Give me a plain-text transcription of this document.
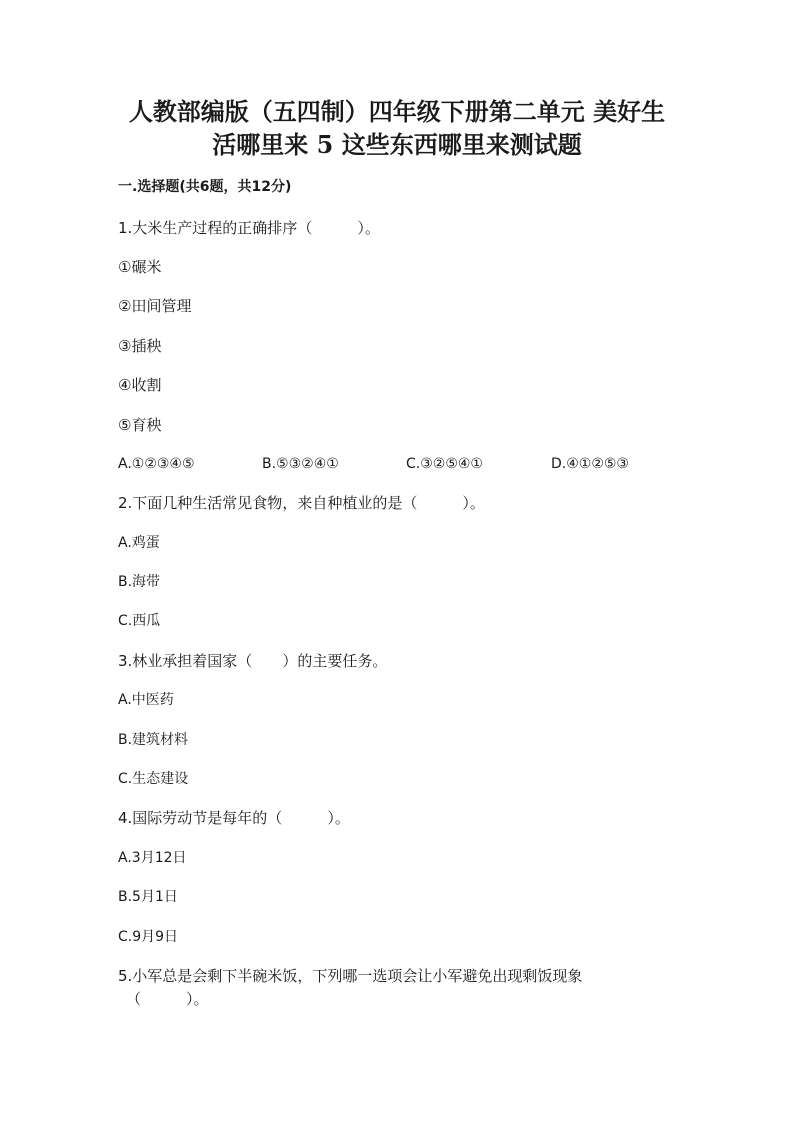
人教部编版（五四制）四年级下册第二单元 美好生
活哪里来 5 这些东西哪里来测试题
一.选择题(共6题，共12分)
1.大米生产过程的正确排序（　　　）。
①碾米
②田间管理
③插秧
④收割
⑤育秧
A.①②③④⑤	B.⑤③②④①	C.③②⑤④①	D.④①②⑤③
2.下面几种生活常见食物，来自种植业的是（　　　）。
A.鸡蛋
B.海带
C.西瓜
3.林业承担着国家（　　）的主要任务。
A.中医药
B.建筑材料
C.生态建设
4.国际劳动节是每年的（　　　）。
A.3月12日
B.5月1日
C.9月9日
5.小军总是会剩下半碗米饭，下列哪一选项会让小军避免出现剩饭现象
（　　　）。
